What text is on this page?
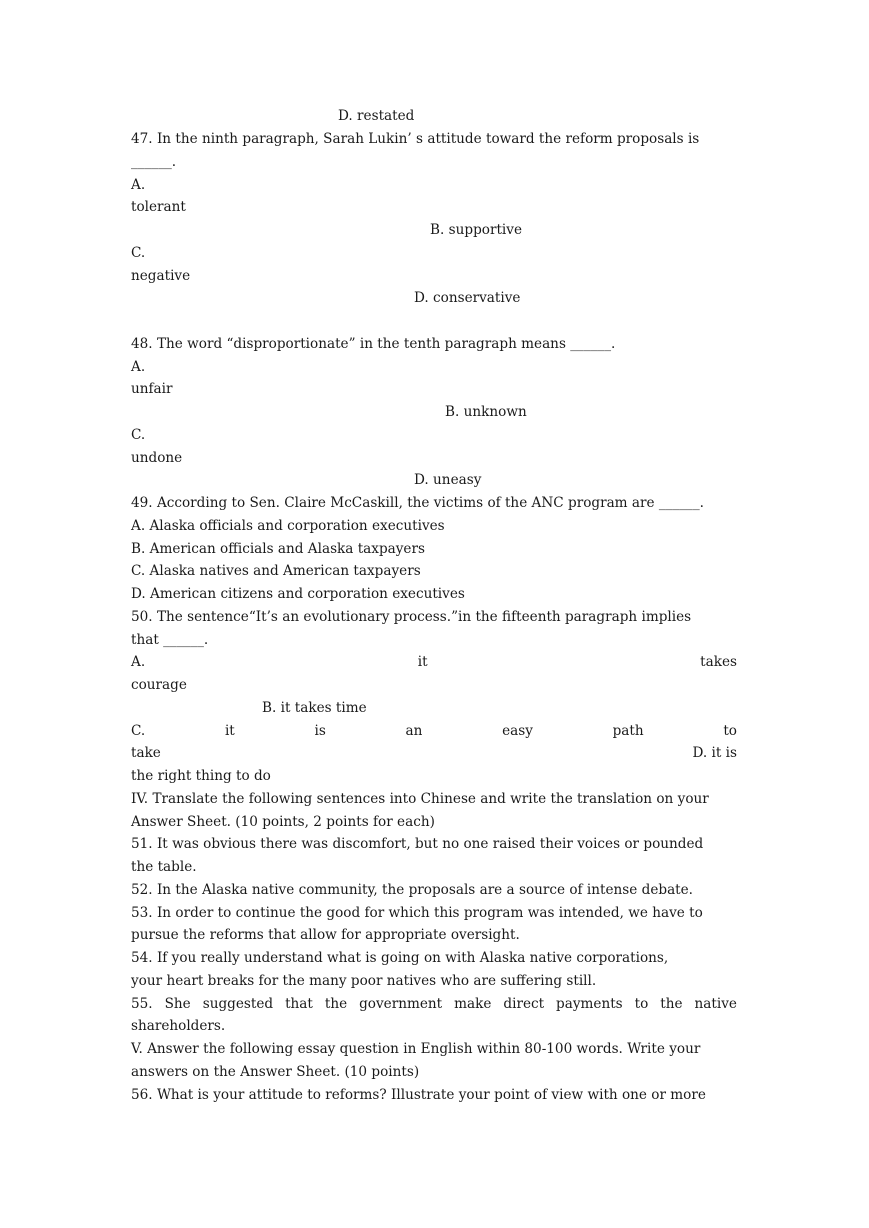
D. restated
47. In the ninth paragraph, Sarah Lukin’ s attitude toward the reform proposals is
______.
A.
tolerant
B. supportive
C.
negative
D. conservative
48. The word “disproportionate” in the tenth paragraph means ______.
A.
unfair
B. unknown
C.
undone
D. uneasy
49. According to Sen. Claire McCaskill, the victims of the ANC program are ______.
A. Alaska officials and corporation executives
B. American officials and Alaska taxpayers
C. Alaska natives and American taxpayers
D. American citizens and corporation executives
50. The sentence“It’s an evolutionary process.”in the fifteenth paragraph implies
that ______.
A.	it	takes
courage
B. it takes time
C.	it	is	an	easy	path	to
take	D. it is
the right thing to do
IV. Translate the following sentences into Chinese and write the translation on your
Answer Sheet. (10 points, 2 points for each)
51. It was obvious there was discomfort, but no one raised their voices or pounded
the table.
52. In the Alaska native community, the proposals are a source of intense debate.
53. In order to continue the good for which this program was intended, we have to
pursue the reforms that allow for appropriate oversight.
54. If you really understand what is going on with Alaska native corporations,
your heart breaks for the many poor natives who are suffering still.
55. She suggested that the government make direct payments to the native
shareholders.
V. Answer the following essay question in English within 80-100 words. Write your
answers on the Answer Sheet. (10 points)
56. What is your attitude to reforms? Illustrate your point of view with one or more
